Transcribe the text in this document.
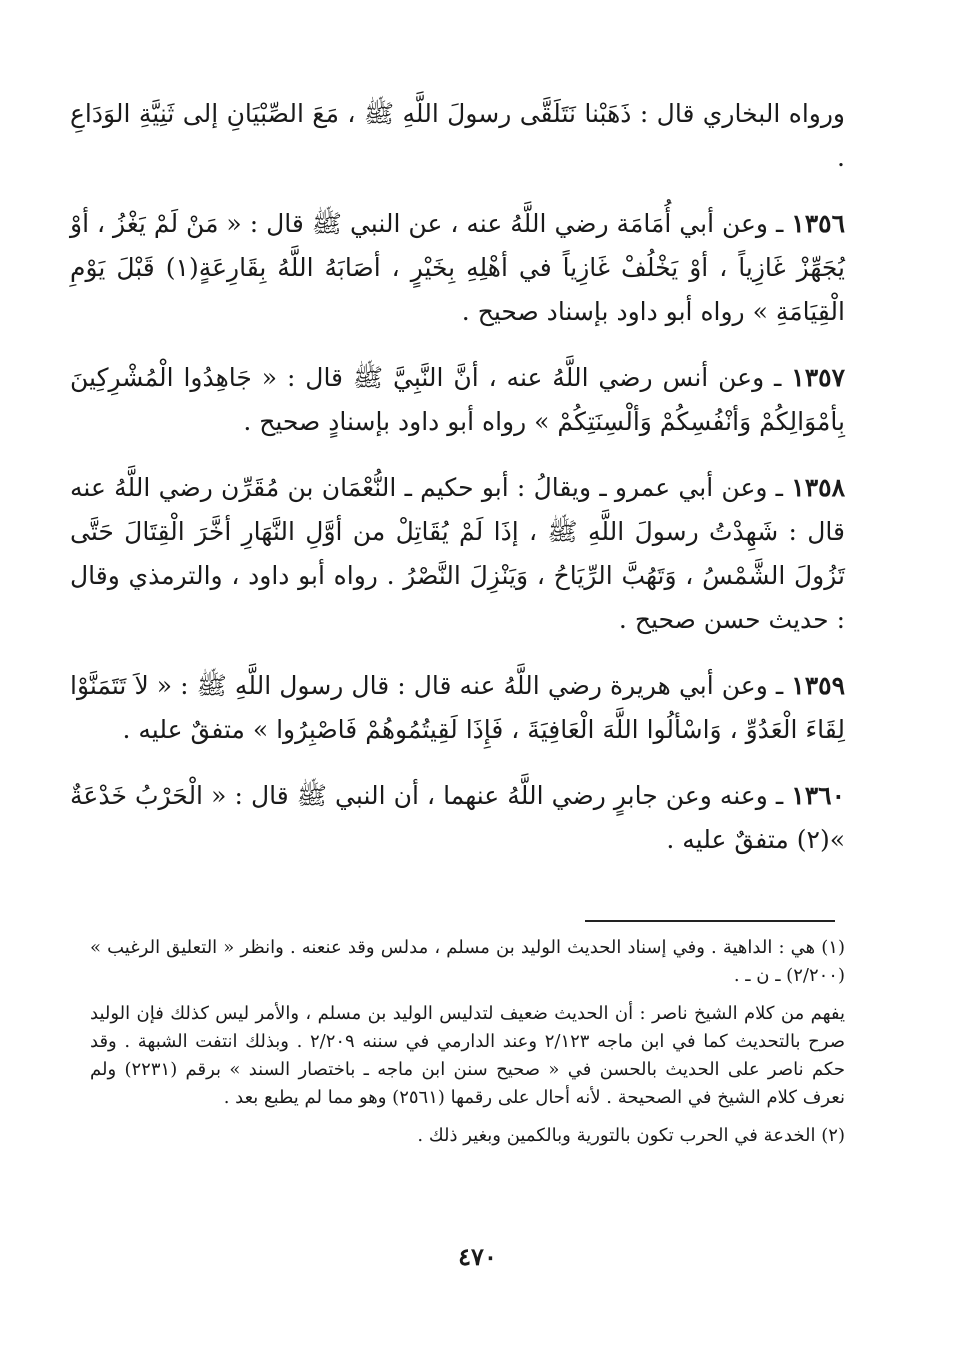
ورواه البخاري قال : ذَهَبْنا نَتَلَقَّى رسولَ اللَّهِ ﷺ ، مَعَ الصِّبْيَانِ إلى ثَنِيَّةِ الوَدَاعِ .

١٣٥٦ ـ وعن أبي أُمَامَة رضي اللَّهُ عنه ، عن النبي ﷺ قال : « مَنْ لَمْ يَغْزُ ، أوْ يُجَهِّزْ غَازِياً ، أوْ يَخْلُفْ غَازِياً في أهْلِهِ بِخَيْرٍ ، أصَابَهُ اللَّهُ بِقَارِعَةٍ(١) قَبْلَ يَوْمِ الْقِيَامَةِ » رواه أبو داود بإسناد صحيح .

١٣٥٧ ـ وعن أنس رضي اللَّهُ عنه ، أنَّ النَّبِيَّ ﷺ قال : « جَاهِدُوا الْمُشْرِكِينَ بِأمْوَالِكُمْ وَأنْفُسِكُمْ وَألْسِنَتِكُمْ » رواه أبو داود بإسنادٍ صحيح .

١٣٥٨ ـ وعن أبي عمرو ـ ويقالُ : أبو حكيم ـ النُّعْمَان بن مُقَرِّن رضي اللَّهُ عنه قال : شَهِدْتُ رسولَ اللَّهِ ﷺ ، إذَا لَمْ يُقَاتِلْ من أوَّلِ النَّهَارِ أخَّرَ الْقِتَالَ حَتَّى تَزُولَ الشَّمْسُ ، وَتَهُبَّ الرِّيَاحُ ، وَيَنْزِلَ النَّصْرُ . رواه أبو داود ، والترمذي وقال : حديث حسن صحيح .

١٣٥٩ ـ وعن أبي هريرة رضي اللَّهُ عنه قال : قال رسول اللَّهِ ﷺ : « لاَ تَتَمَنَّوْا لِقَاءَ الْعَدُوِّ ، وَاسْألُوا اللَّهَ الْعَافِيَةَ ، فَإِذَا لَقِيتُمُوهُمْ فَاصْبِرُوا » متفقٌ عليه .

١٣٦٠ ـ وعنه وعن جابرٍ رضي اللَّهُ عنهما ، أن النبي ﷺ قال : « الْحَرْبُ خَدْعَةٌ »(٢) متفقٌ عليه .

(١) هي : الداهية . وفي إسناد الحديث الوليد بن مسلم ، مدلس وقد عنعنه . وانظر « التعليق الرغيب » (٢/٢٠٠) ـ ن ـ .

يفهم من كلام الشيخ ناصر : أن الحديث ضعيف لتدليس الوليد بن مسلم ، والأمر ليس كذلك فإن الوليد صرح بالتحديث كما في ابن ماجه ٢/١٢٣ وعند الدارمي في سننه ٢/٢٠٩ . وبذلك انتفت الشبهة . وقد حكم ناصر على الحديث بالحسن في « صحيح سنن ابن ماجه ـ باختصار السند » برقم (٢٢٣١) ولم نعرف كلام الشيخ في الصحيحة . لأنه أحال على رقمها (٢٥٦١) وهو مما لم يطبع بعد .

(٢) الخدعة في الحرب تكون بالتورية وبالكمين وبغير ذلك .

٤٧٠
